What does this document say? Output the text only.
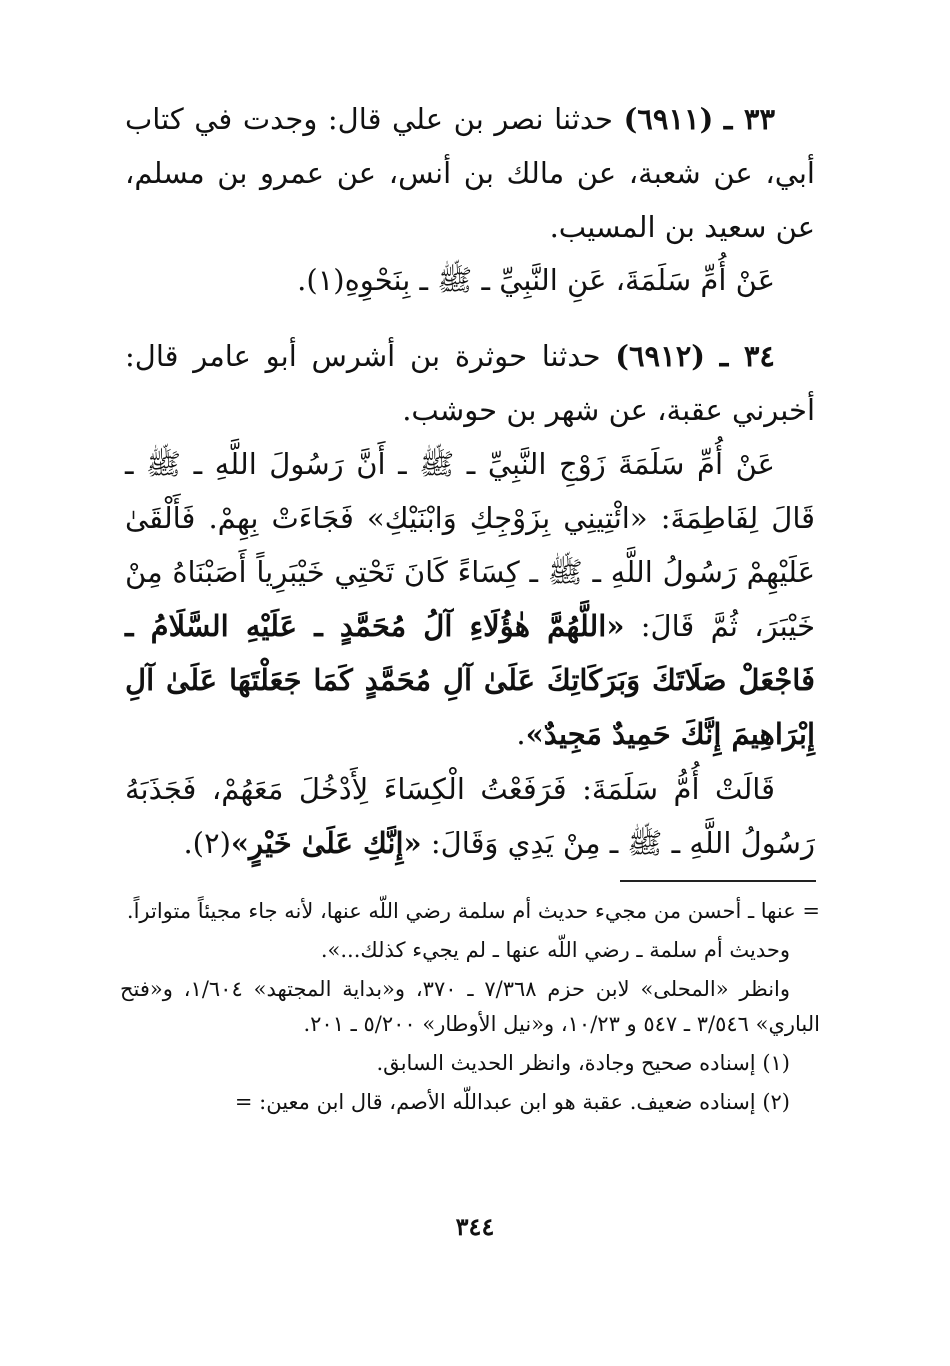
٣٣ ـ (٦٩١١) حدثنا نصر بن علي قال: وجدت في كتاب أبي، عن شعبة، عن مالك بن أنس، عن عمرو بن مسلم، عن سعيد بن المسيب.

عَنْ أُمِّ سَلَمَةَ، عَنِ النَّبِيِّ ـ ﷺ ـ بِنَحْوِهِ(١).

٣٤ ـ (٦٩١٢) حدثنا حوثرة بن أشرس أبو عامر قال: أخبرني عقبة، عن شهر بن حوشب.

عَنْ أُمِّ سَلَمَةَ زَوْجِ النَّبِيِّ ـ ﷺ ـ أَنَّ رَسُولَ اللَّهِ ـ ﷺ ـ قَالَ لِفَاطِمَةَ: «ائْتِينِي بِزَوْجِكِ وَابْنَيْكِ» فَجَاءَتْ بِهِمْ. فَأَلْقَىٰ عَلَيْهِمْ رَسُولُ اللَّهِ ـ ﷺ ـ كِسَاءً كَانَ تَحْتِي خَيْبَرِياً أَصَبْنَاهُ مِنْ خَيْبَرَ، ثُمَّ قَالَ: «اللَّهُمَّ هٰؤُلَاءِ آلُ مُحَمَّدٍ ـ عَلَيْهِ السَّلَامُ ـ فَاجْعَلْ صَلَاتَكَ وَبَرَكَاتِكَ عَلَىٰ آلِ مُحَمَّدٍ كَمَا جَعَلْتَهَا عَلَىٰ آلِ إِبْرَاهِيمَ إِنَّكَ حَمِيدٌ مَجِيدٌ».

قَالَتْ أُمُّ سَلَمَةَ: فَرَفَعْتُ الْكِسَاءَ لِأَدْخُلَ مَعَهُمْ، فَجَذَبَهُ رَسُولُ اللَّهِ ـ ﷺ ـ مِنْ يَدِي وَقَالَ: «إِنَّكِ عَلَىٰ خَيْرٍ»(٢).

= عنها ـ أحسن من مجيء حديث أم سلمة رضي اللّه عنها، لأنه جاء مجيئاً متواتراً.

وحديث أم سلمة ـ رضي اللّه عنها ـ لم يجيء كذلك...».

وانظر «المحلى» لابن حزم ٧/٣٦٨ ـ ٣٧٠، و«بداية المجتهد» ١/٦٠٤، و«فتح الباري» ٣/٥٤٦ ـ ٥٤٧ و ١٠/٢٣، و«نيل الأوطار» ٥/٢٠٠ ـ ٢٠١.

(١) إسناده صحيح وجادة، وانظر الحديث السابق.

(٢) إسناده ضعيف. عقبة هو ابن عبداللّه الأصم، قال ابن معين: =

٣٤٤
